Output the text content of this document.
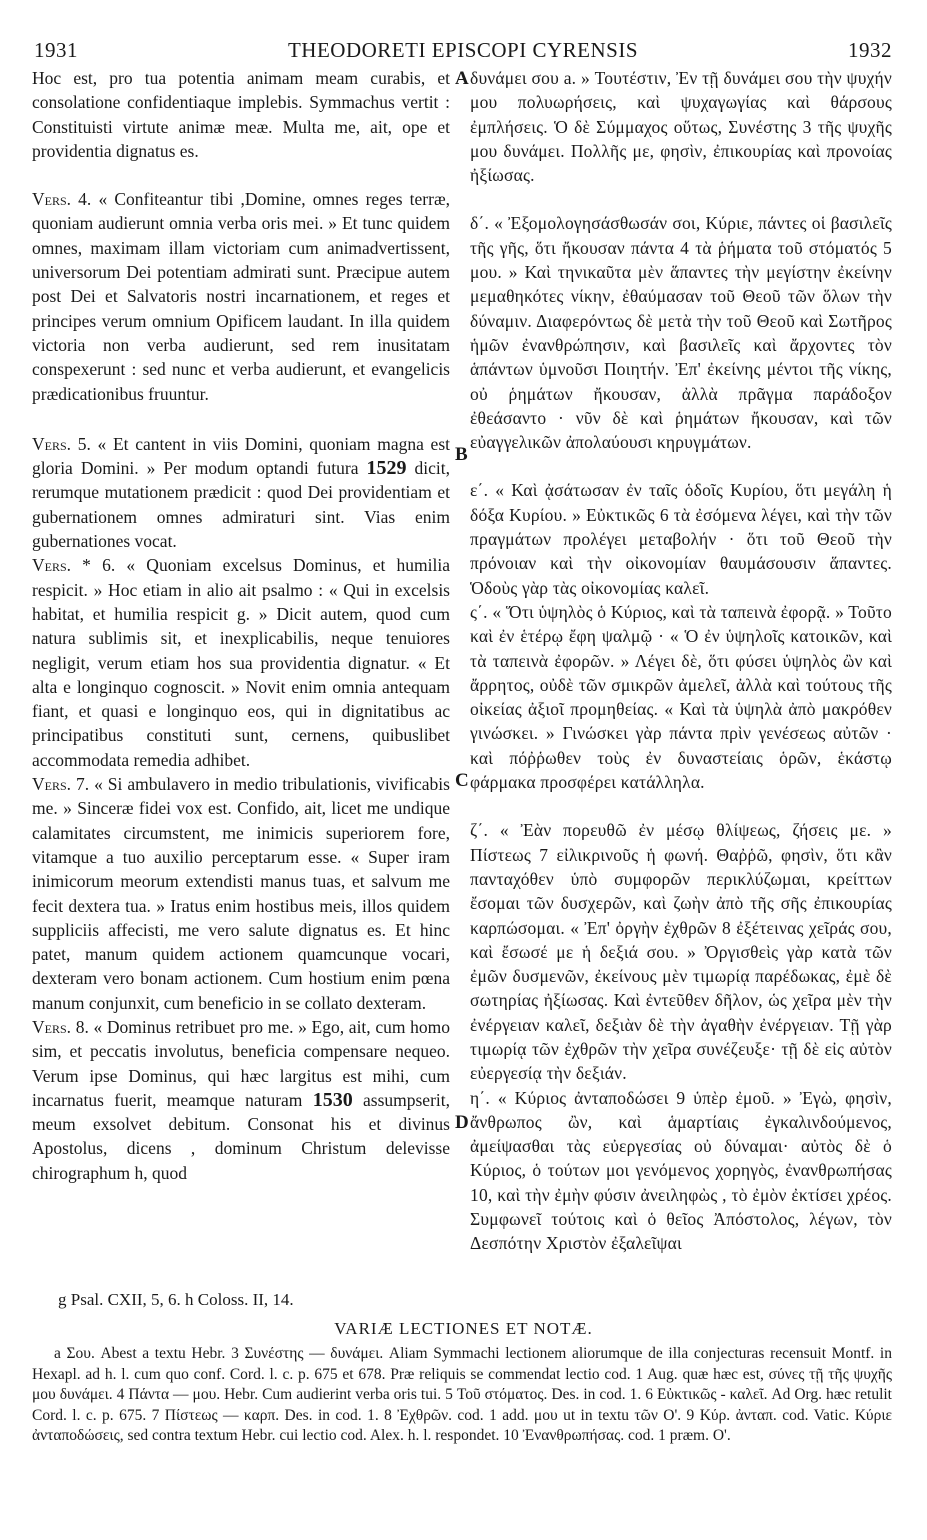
1931	THEODORETI EPISCOPI CYRENSIS	1932

Hoc est, pro tua potentia animam meam curabis, et consolatione confidentiaque implebis. Symmachus vertit : Constituisti virtute animæ meæ. Multa me, ait, ope et providentia dignatus es.

Vers. 4. « Confiteantur tibi ,Domine, omnes reges terræ, quoniam audierunt omnia verba oris mei. » Et tunc quidem omnes, maximam illam victoriam cum animadvertissent, universorum Dei potentiam admirati sunt. Præcipue autem post Dei et Salvatoris nostri incarnationem, et reges et principes verum omnium Opificem laudant. In illa quidem victoria non verba audierunt, sed rem inusitatam conspexerunt : sed nunc et verba audierunt, et evangelicis prædicationibus fruuntur.

Vers. 5. « Et cantent in viis Domini, quoniam magna est gloria Domini. » Per modum optandi futura 1529 dicit, rerumque mutationem prædicit : quod Dei providentiam et gubernationem omnes admiraturi sint. Vias enim gubernationes vocat.

Vers. * 6. « Quoniam excelsus Dominus, et humilia respicit. » Hoc etiam in alio ait psalmo : « Qui in excelsis habitat, et humilia respicit g. » Dicit autem, quod cum natura sublimis sit, et inexplicabilis, neque tenuiores negligit, verum etiam hos sua providentia dignatur. « Et alta e longinquo cognoscit. » Novit enim omnia antequam fiant, et quasi e longinquo eos, qui in dignitatibus ac principatibus constituti sunt, cernens, quibuslibet accommodata remedia adhibet.

Vers. 7. « Si ambulavero in medio tribulationis, vivificabis me. » Sinceræ fidei vox est. Confido, ait, licet me undique calamitates circumstent, me inimicis superiorem fore, vitamque a tuo auxilio perceptarum esse. « Super iram inimicorum meorum extendisti manus tuas, et salvum me fecit dextera tua. » Iratus enim hostibus meis, illos quidem suppliciis affecisti, me vero salute dignatus es. Et hinc patet, manum quidem actionem quamcunque vocari, dexteram vero bonam actionem. Cum hostium enim pœna manum conjunxit, cum beneficio in se collato dexteram.

Vers. 8. « Dominus retribuet pro me. » Ego, ait, cum homo sim, et peccatis involutus, beneficia compensare nequeo. Verum ipse Dominus, qui hæc largitus est mihi, cum incarnatus fuerit, meamque naturam 1530 assumpserit, meum exsolvet debitum. Consonat his et divinus Apostolus, dicens , dominum Christum delevisse chirographum h, quod

δυνάμει σου a. » Τουτέστιν, Ἐν τῇ δυνάμει σου τὴν ψυχήν μου πολυωρήσεις, καὶ ψυχαγωγίας καὶ θάρσους ἐμπλήσεις. Ὁ δὲ Σύμμαχος οὕτως, Συνέστης 3 τῆς ψυχῆς μου δυνάμει. Πολλῆς με, φησὶν, ἐπικουρίας καὶ προνοίας ἠξίωσας.

δ΄. « Ἐξομολογησάσθωσάν σοι, Κύριε, πάντες οἱ βασιλεῖς τῆς γῆς, ὅτι ἤκουσαν πάντα 4 τὰ ῥήματα τοῦ στόματός 5 μου. » Καὶ τηνικαῦτα μὲν ἅπαντες τὴν μεγίστην ἐκείνην μεμαθηκότες νίκην, ἐθαύμασαν τοῦ Θεοῦ τῶν ὅλων τὴν δύναμιν. Διαφερόντως δὲ μετὰ τὴν τοῦ Θεοῦ καὶ Σωτῆρος ἡμῶν ἐνανθρώπησιν, καὶ βασιλεῖς καὶ ἄρχοντες τὸν ἁπάντων ὑμνοῦσι Ποιητήν. Ἐπ' ἐκείνης μέντοι τῆς νίκης, οὐ ῥημάτων ἤκουσαν, ἀλλὰ πρᾶγμα παράδοξον ἐθεάσαντο · νῦν δὲ καὶ ῥημάτων ἤκουσαν, καὶ τῶν εὐαγγελικῶν ἀπολαύουσι κηρυγμάτων.

ε΄. « Καὶ ᾀσάτωσαν ἐν ταῖς ὁδοῖς Κυρίου, ὅτι μεγάλη ἡ δόξα Κυρίου. » Εὐκτικῶς 6 τὰ ἐσόμενα λέγει, καὶ τὴν τῶν πραγμάτων προλέγει μεταβολήν · ὅτι τοῦ Θεοῦ τὴν πρόνοιαν καὶ τὴν οἰκονομίαν θαυμάσουσιν ἅπαντες. Ὁδοὺς γὰρ τὰς οἰκονομίας καλεῖ.

ς΄. « Ὅτι ὑψηλὸς ὁ Κύριος, καὶ τὰ ταπεινὰ ἐφορᾷ. » Τοῦτο καὶ ἐν ἑτέρῳ ἔφη ψαλμῷ · « Ὁ ἐν ὑψηλοῖς κατοικῶν, καὶ τὰ ταπεινὰ ἐφορῶν. » Λέγει δὲ, ὅτι φύσει ὑψηλὸς ὢν καὶ ἄρρητος, οὐδὲ τῶν σμικρῶν ἀμελεῖ, ἀλλὰ καὶ τούτους τῆς οἰκείας ἀξιοῖ προμηθείας. « Καὶ τὰ ὑψηλὰ ἀπὸ μακρόθεν γινώσκει. » Γινώσκει γὰρ πάντα πρὶν γενέσεως αὐτῶν · καὶ πόῤῥωθεν τοὺς ἐν δυναστείαις ὁρῶν, ἑκάστῳ φάρμακα προσφέρει κατάλληλα.

ζ΄. « Ἐὰν πορευθῶ ἐν μέσῳ θλίψεως, ζήσεις με. » Πίστεως 7 εἰλικρινοῦς ἡ φωνή. Θαῤῥῶ, φησὶν, ὅτι κἂν πανταχόθεν ὑπὸ συμφορῶν περικλύζωμαι, κρείττων ἔσομαι τῶν δυσχερῶν, καὶ ζωὴν ἀπὸ τῆς σῆς ἐπικουρίας καρπώσομαι. « Ἐπ' ὀργὴν ἐχθρῶν 8 ἐξέτεινας χεῖράς σου, καὶ ἔσωσέ με ἡ δεξιά σου. » Ὀργισθεὶς γὰρ κατὰ τῶν ἐμῶν δυσμενῶν, ἐκείνους μὲν τιμωρίᾳ παρέδωκας, ἐμὲ δὲ σωτηρίας ἠξίωσας. Καὶ ἐντεῦθεν δῆλον, ὡς χεῖρα μὲν τὴν ἐνέργειαν καλεῖ, δεξιὰν δὲ τὴν ἀγαθὴν ἐνέργειαν. Τῇ γὰρ τιμωρίᾳ τῶν ἐχθρῶν τὴν χεῖρα συνέζευξε· τῇ δὲ εἰς αὐτὸν εὐεργεσίᾳ τὴν δεξιάν.

η΄. « Κύριος ἀνταποδώσει 9 ὑπὲρ ἐμοῦ. » Ἐγὼ, φησὶν, ἄνθρωπος ὢν, καὶ ἁμαρτίαις ἐγκαλινδούμενος, ἀμείψασθαι τὰς εὐεργεσίας οὐ δύναμαι· αὐτὸς δὲ ὁ Κύριος, ὁ τούτων μοι γενόμενος χορηγὸς, ἐνανθρωπήσας 10, καὶ τὴν ἐμὴν φύσιν ἀνειληφὼς , τὸ ἐμὸν ἐκτίσει χρέος. Συμφωνεῖ τούτοις καὶ ὁ θεῖος Ἀπόστολος, λέγων, τὸν Δεσπότην Χριστὸν ἐξαλεῖψαι

A
B
C
D
g Psal. CXII, 5, 6. h Coloss. II, 14.
VARIÆ LECTIONES ET NOTÆ.

a Σου. Abest a textu Hebr. 3 Συνέστης — δυνάμει. Aliam Symmachi lectionem aliorumque de illa conjecturas recensuit Montf. in Hexapl. ad h. l. cum quo conf. Cord. l. c. p. 675 et 678. Præ reliquis se commendat lectio cod. 1 Aug. quæ hæc est, σύνες τῇ τῆς ψυχῆς μου δυνάμει. 4 Πάντα — μου. Hebr. Cum audierint verba oris tui. 5 Τοῦ στόματος. Des. in cod. 1. 6 Εὐκτικῶς - καλεῖ. Ad Org. hæc retulit Cord. l. c. p. 675. 7 Πίστεως — καρπ. Des. in cod. 1. 8 Ἐχθρῶν. cod. 1 add. μου ut in textu τῶν O'. 9 Κύρ. ἀνταπ. cod. Vatic. Κύριε ἀνταποδώσεις, sed contra textum Hebr. cui lectio cod. Alex. h. l. respondet. 10 Ἐνανθρωπήσας. cod. 1 præm. O'.
